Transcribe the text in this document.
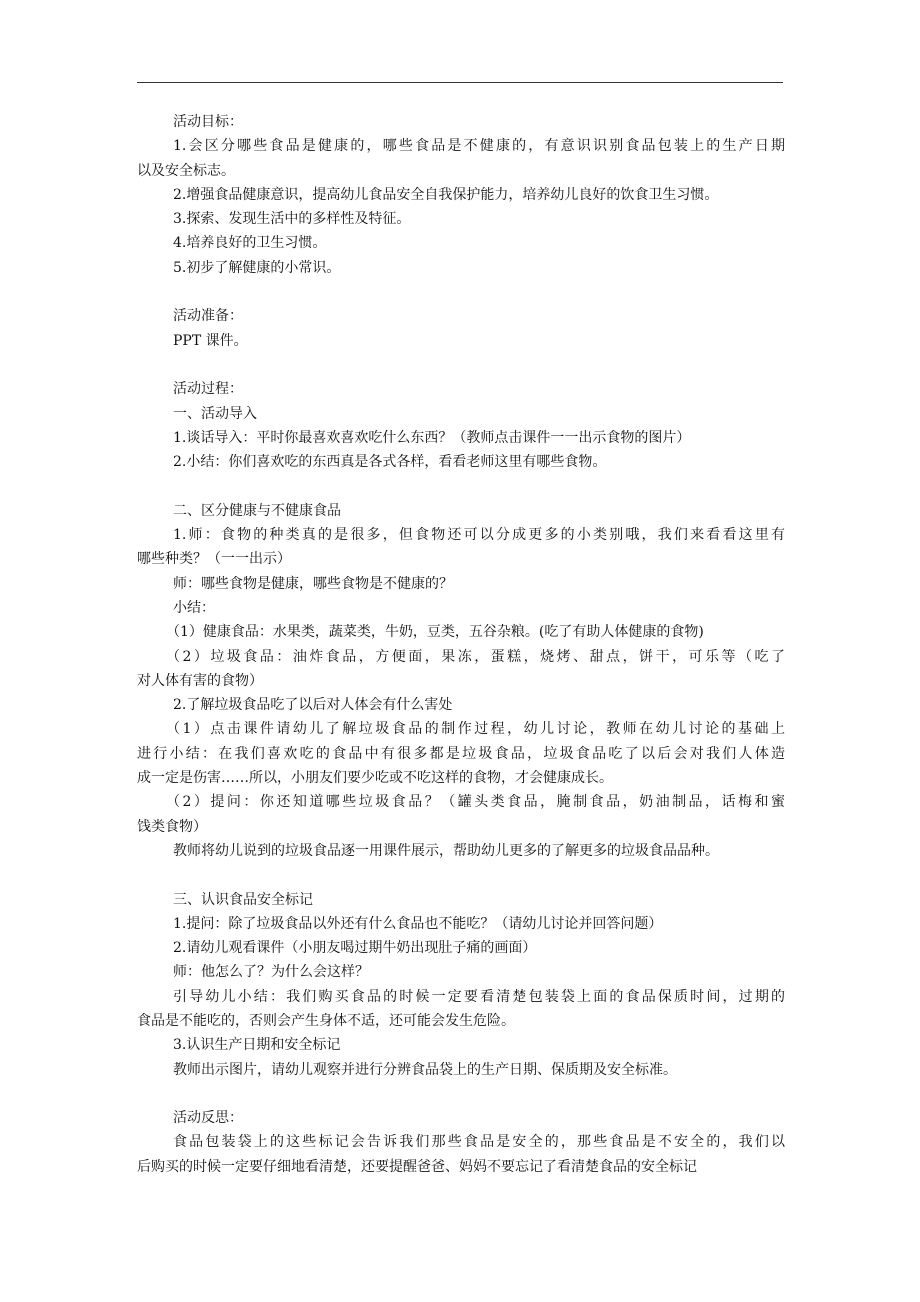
活动目标：
1.会区分哪些食品是健康的，哪些食品是不健康的，有意识识别食品包装上的生产日期
以及安全标志。
2.增强食品健康意识，提高幼儿食品安全自我保护能力，培养幼儿良好的饮食卫生习惯。
3.探索、发现生活中的多样性及特征。
4.培养良好的卫生习惯。
5.初步了解健康的小常识。
活动准备：
PPT 课件。
活动过程：
一、活动导入
1.谈话导入：平时你最喜欢喜欢吃什么东西？（教师点击课件一一出示食物的图片）
2.小结：你们喜欢吃的东西真是各式各样，看看老师这里有哪些食物。
二、区分健康与不健康食品
1.师：食物的种类真的是很多，但食物还可以分成更多的小类别哦，我们来看看这里有
哪些种类？（一一出示）
师：哪些食物是健康，哪些食物是不健康的？
小结：
（1）健康食品：水果类，蔬菜类，牛奶，豆类，五谷杂粮。(吃了有助人体健康的食物)
（2）垃圾食品：油炸食品，方便面，果冻，蛋糕，烧烤、甜点，饼干，可乐等（吃了
对人体有害的食物）
2.了解垃圾食品吃了以后对人体会有什么害处
（1）点击课件请幼儿了解垃圾食品的制作过程，幼儿讨论，教师在幼儿讨论的基础上
进行小结：在我们喜欢吃的食品中有很多都是垃圾食品，垃圾食品吃了以后会对我们人体造
成一定是伤害……所以，小朋友们要少吃或不吃这样的食物，才会健康成长。
（2）提问：你还知道哪些垃圾食品？（罐头类食品，腌制食品，奶油制品，话梅和蜜
饯类食物）
教师将幼儿说到的垃圾食品逐一用课件展示，帮助幼儿更多的了解更多的垃圾食品品种。
三、认识食品安全标记
1.提问：除了垃圾食品以外还有什么食品也不能吃？（请幼儿讨论并回答问题）
2.请幼儿观看课件（小朋友喝过期牛奶出现肚子痛的画面）
师：他怎么了？为什么会这样？
引导幼儿小结：我们购买食品的时候一定要看清楚包装袋上面的食品保质时间，过期的
食品是不能吃的，否则会产生身体不适，还可能会发生危险。
3.认识生产日期和安全标记
教师出示图片，请幼儿观察并进行分辨食品袋上的生产日期、保质期及安全标准。
活动反思：
食品包装袋上的这些标记会告诉我们那些食品是安全的，那些食品是不安全的，我们以
后购买的时候一定要仔细地看清楚，还要提醒爸爸、妈妈不要忘记了看清楚食品的安全标记
